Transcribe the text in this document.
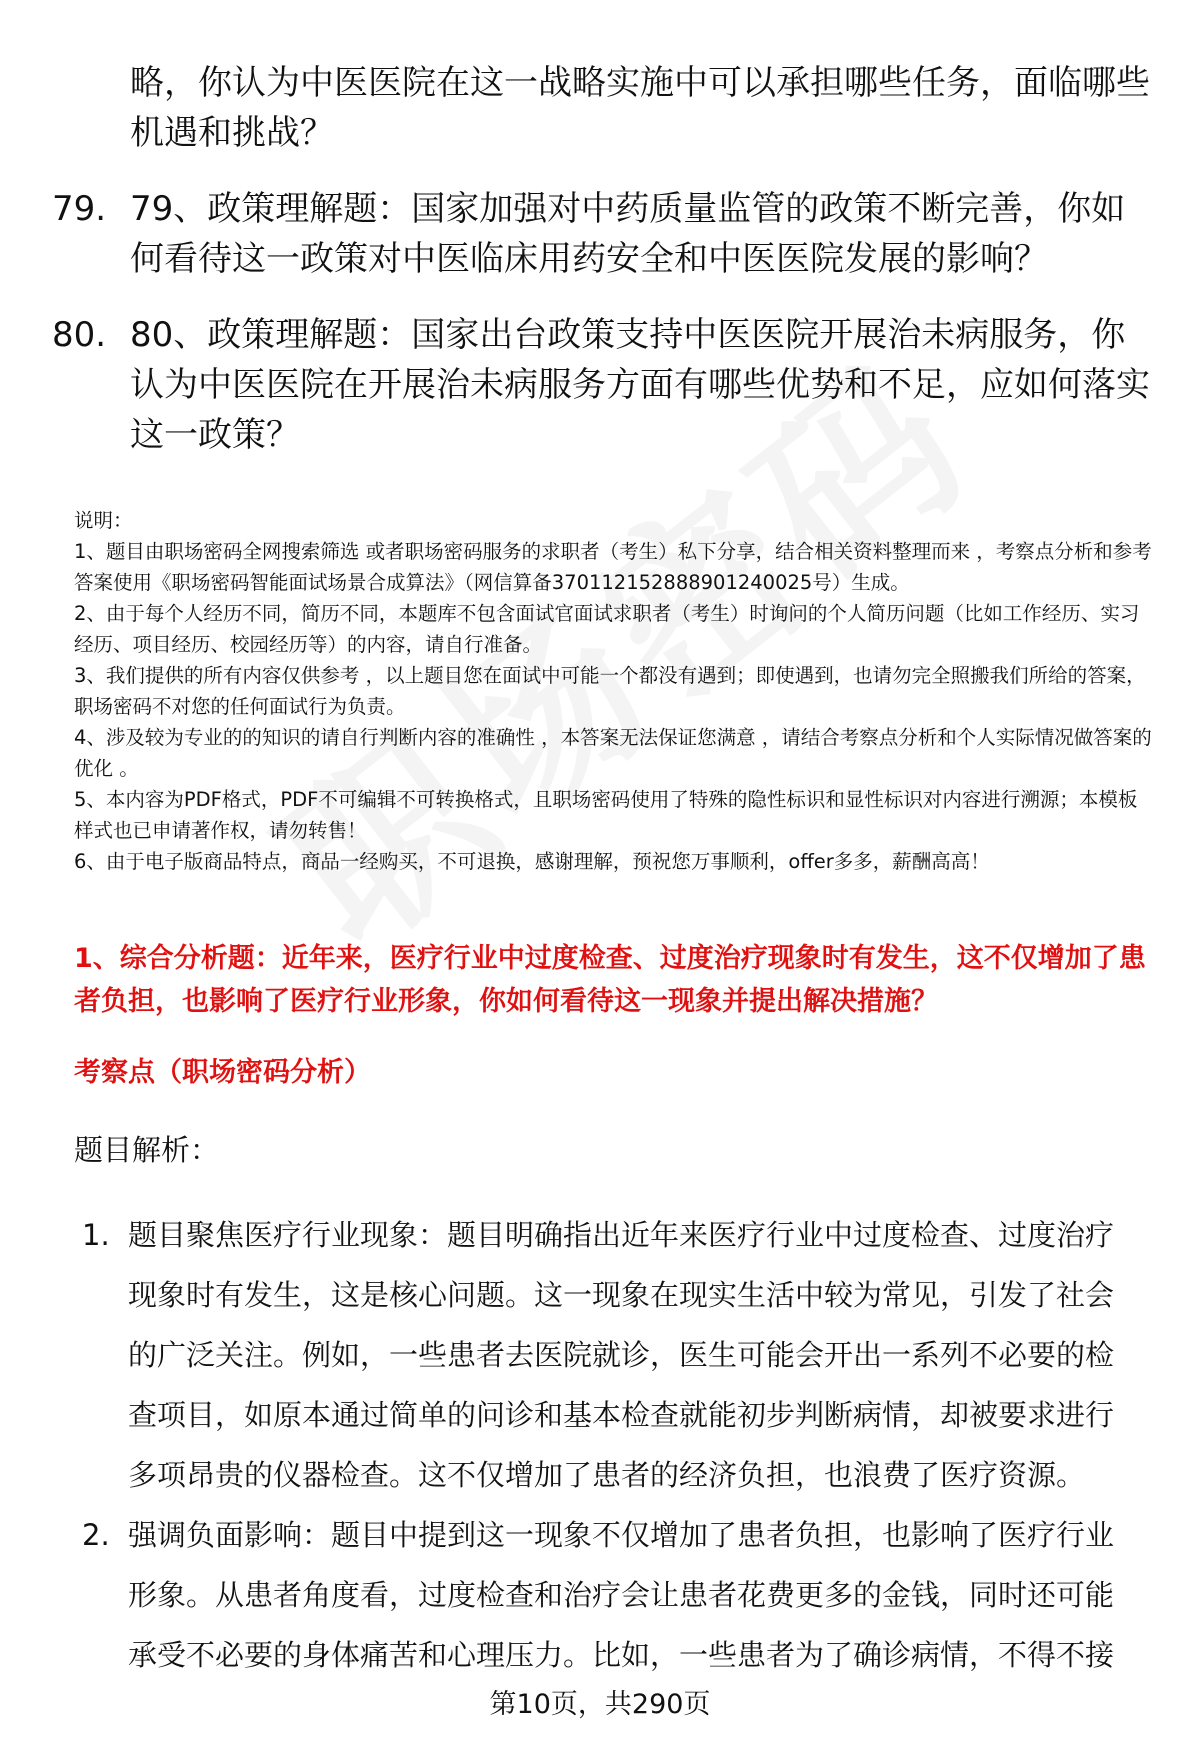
略，你认为中医医院在这一战略实施中可以承担哪些任务，面临哪些机遇和挑战？
79. 79、政策理解题：国家加强对中药质量监管的政策不断完善，你如何看待这一政策对中医临床用药安全和中医医院发展的影响？
80. 80、政策理解题：国家出台政策支持中医医院开展治未病服务，你认为中医医院在开展治未病服务方面有哪些优势和不足，应如何落实这一政策？
说明：
1、题目由职场密码全网搜索筛选 或者职场密码服务的求职者（考生）私下分享，结合相关资料整理而来 ，考察点分析和参考答案使用《职场密码智能面试场景合成算法》（网信算备370112152888901240025号）生成。
2、由于每个人经历不同，简历不同，本题库不包含面试官面试求职者（考生）时询问的个人简历问题（比如工作经历、实习经历、项目经历、校园经历等）的内容，请自行准备。
3、我们提供的所有内容仅供参考 ，以上题目您在面试中可能一个都没有遇到；即使遇到，也请勿完全照搬我们所给的答案，职场密码不对您的任何面试行为负责。
4、涉及较为专业的的知识的请自行判断内容的准确性 ，本答案无法保证您满意 ，请结合考察点分析和个人实际情况做答案的优化 。
5、本内容为PDF格式，PDF不可编辑不可转换格式，且职场密码使用了特殊的隐性标识和显性标识对内容进行溯源；本模板样式也已申请著作权，请勿转售！
6、由于电子版商品特点，商品一经购买，不可退换，感谢理解，预祝您万事顺利，offer多多，薪酬高高！
1、综合分析题：近年来，医疗行业中过度检查、过度治疗现象时有发生，这不仅增加了患者负担，也影响了医疗行业形象，你如何看待这一现象并提出解决措施？
考察点（职场密码分析）
题目解析：
1. 题目聚焦医疗行业现象：题目明确指出近年来医疗行业中过度检查、过度治疗现象时有发生，这是核心问题。这一现象在现实生活中较为常见，引发了社会的广泛关注。例如，一些患者去医院就诊，医生可能会开出一系列不必要的检查项目，如原本通过简单的问诊和基本检查就能初步判断病情，却被要求进行多项昂贵的仪器检查。这不仅增加了患者的经济负担，也浪费了医疗资源。
2. 强调负面影响：题目中提到这一现象不仅增加了患者负担，也影响了医疗行业形象。从患者角度看，过度检查和治疗会让患者花费更多的金钱，同时还可能承受不必要的身体痛苦和心理压力。比如，一些患者为了确诊病情，不得不接
第10页，共290页
